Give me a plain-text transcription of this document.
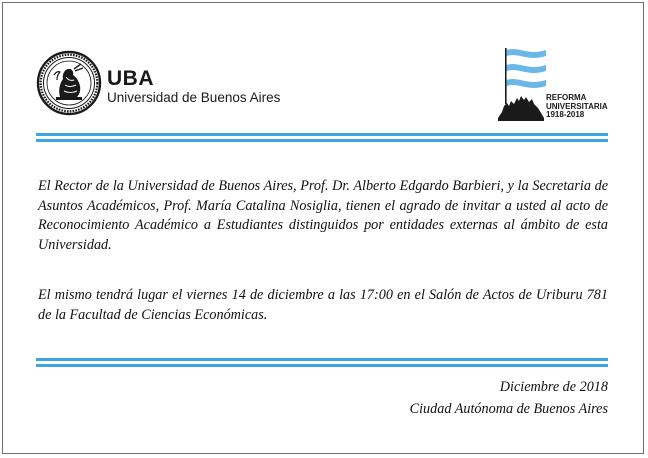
UBA
Universidad de Buenos Aires	REFORMA
UNIVERSITARIA
1918-2018

El Rector de la Universidad de Buenos Aires, Prof. Dr. Alberto Edgardo Barbieri, y la Secretaria de Asuntos Académicos, Prof. María Catalina Nosiglia, tienen el agrado de invitar a usted al acto de Reconocimiento Académico a Estudiantes distinguidos por entidades externas al ámbito de esta Universidad.

El mismo tendrá lugar el viernes 14 de diciembre a las 17:00 en el Salón de Actos de Uriburu 781 de la Facultad de Ciencias Económicas.

Diciembre de 2018
Ciudad Autónoma de Buenos Aires
